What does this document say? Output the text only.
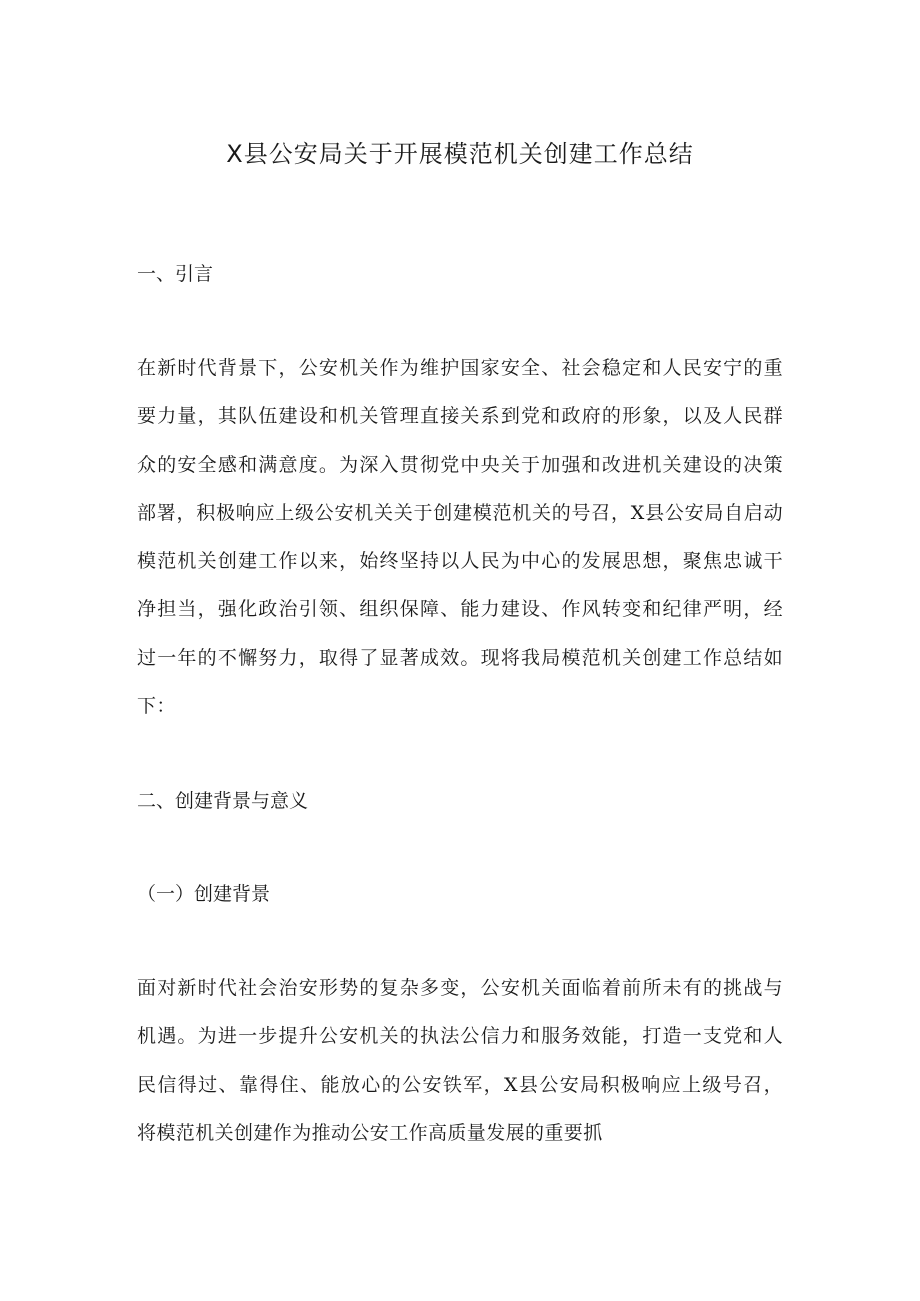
X县公安局关于开展模范机关创建工作总结
一、引言
在新时代背景下，公安机关作为维护国家安全、社会稳定和人民安宁的重
要力量，其队伍建设和机关管理直接关系到党和政府的形象，以及人民群
众的安全感和满意度。为深入贯彻党中央关于加强和改进机关建设的决策
部署，积极响应上级公安机关关于创建模范机关的号召，X县公安局自启动
模范机关创建工作以来，始终坚持以人民为中心的发展思想，聚焦忠诚干
净担当，强化政治引领、组织保障、能力建设、作风转变和纪律严明，经
过一年的不懈努力，取得了显著成效。现将我局模范机关创建工作总结如
下：
二、创建背景与意义
（一）创建背景
面对新时代社会治安形势的复杂多变，公安机关面临着前所未有的挑战与
机遇。为进一步提升公安机关的执法公信力和服务效能，打造一支党和人
民信得过、靠得住、能放心的公安铁军，X县公安局积极响应上级号召，
将模范机关创建作为推动公安工作高质量发展的重要抓
